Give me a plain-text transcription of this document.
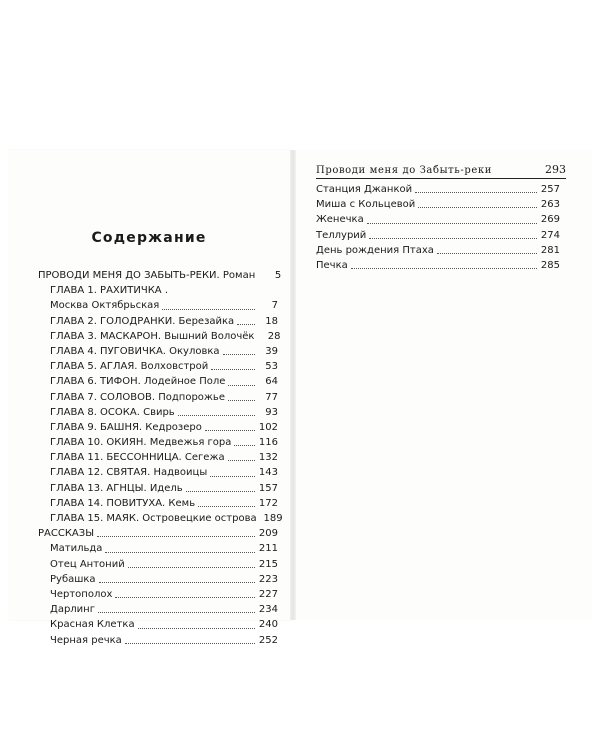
Содержание
ПРОВОДИ МЕНЯ ДО ЗАБЫТЬ-РЕКИ. Роман	5
ГЛАВА 1. РАХИТИЧКА .
Москва Октябрьская	7
ГЛАВА 2. ГОЛОДРАНКИ. Березайка	18
ГЛАВА 3. МАСКАРОН. Вышний Волочёк	28
ГЛАВА 4. ПУГОВИЧКА. Окуловка	39
ГЛАВА 5. АГЛАЯ. Волховстрой	53
ГЛАВА 6. ТИФОН. Лодейное Поле	64
ГЛАВА 7. СОЛОВОВ. Подпорожье	77
ГЛАВА 8. ОСОКА. Свирь	93
ГЛАВА 9. БАШНЯ. Кедрозеро	102
ГЛАВА 10. ОКИЯН. Медвежья гора	116
ГЛАВА 11. БЕССОННИЦА. Сегежа	132
ГЛАВА 12. СВЯТАЯ. Надвоицы	143
ГЛАВА 13. АГНЦЫ. Идель	157
ГЛАВА 14. ПОВИТУХА. Кемь	172
ГЛАВА 15. МАЯК. Островецкие острова 189
РАССКАЗЫ	209
Матильда	211
Отец Антоний	215
Рубашка	223
Чертополох	227
Дарлинг	234
Красная Клетка	240
Черная речка	252
Проводи меня до Забыть-реки	293
Станция Джанкой	257
Миша с Кольцевой	263
Женечка	269
Теллурий	274
День рождения Птаха	281
Печка	285
